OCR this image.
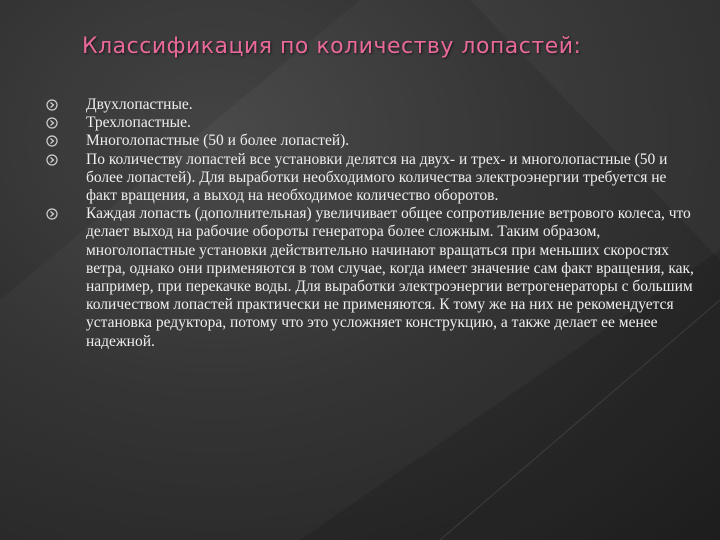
Классификация по количеству лопастей:
Двухлопастные.
Трехлопастные.
Многолопастные (50 и более лопастей).
По количеству лопастей все установки делятся на двух- и трех- и многолопастные (50 и более лопастей). Для выработки необходимого количества электроэнергии требуется не факт вращения, а выход на необходимое количество оборотов.
Каждая лопасть (дополнительная) увеличивает общее сопротивление ветрового колеса, что делает выход на рабочие обороты генератора более сложным. Таким образом, многолопастные установки действительно начинают вращаться при меньших скоростях ветра, однако они применяются в том случае, когда имеет значение сам факт вращения, как, например, при перекачке воды. Для выработки электроэнергии ветрогенераторы с большим количеством лопастей практически не применяются. К тому же на них не рекомендуется установка редуктора, потому что это усложняет конструкцию, а также делает ее менее надежной.
